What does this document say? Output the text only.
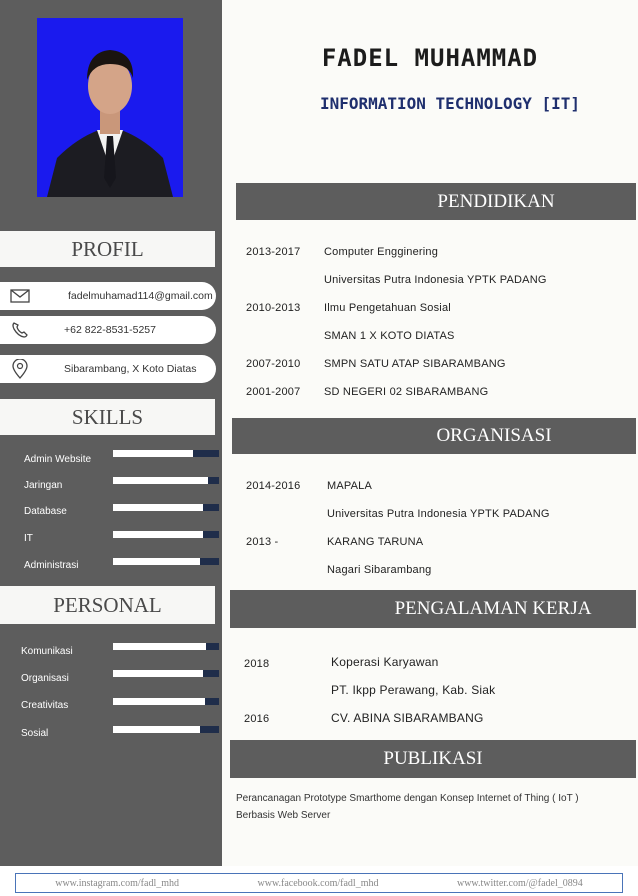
FADEL MUHAMMAD
INFORMATION TECHNOLOGY [IT]
PROFIL
fadelmuhamad114@gmail.com
+62 822-8531-5257
Sibarambang, X Koto Diatas
SKILLS
Admin Website
Jaringan
Database
IT
Administrasi
PERSONAL
Komunikasi
Organisasi
Creativitas
Sosial
PENDIDIKAN
2013-2017 Computer Engginering
Universitas Putra Indonesia YPTK PADANG
2010-2013 Ilmu Pengetahuan Sosial
SMAN 1 X KOTO DIATAS
2007-2010 SMPN SATU ATAP SIBARAMBANG
2001-2007 SD NEGERI 02 SIBARAMBANG
ORGANISASI
2014-2016 MAPALA
Universitas Putra Indonesia YPTK PADANG
2013 -	KARANG TARUNA
Nagari Sibarambang
PENGALAMAN KERJA
2018	Koperasi Karyawan
PT. Ikpp Perawang, Kab. Siak
2016	CV. ABINA SIBARAMBANG
PUBLIKASI
Perancanagan Prototype Smarthome dengan Konsep Internet of Thing ( IoT )
Berbasis Web Server
www.instagram.com/fadl_mhd	www.facebook.com/fadl_mhd	www.twitter.com/@fadel_0894
